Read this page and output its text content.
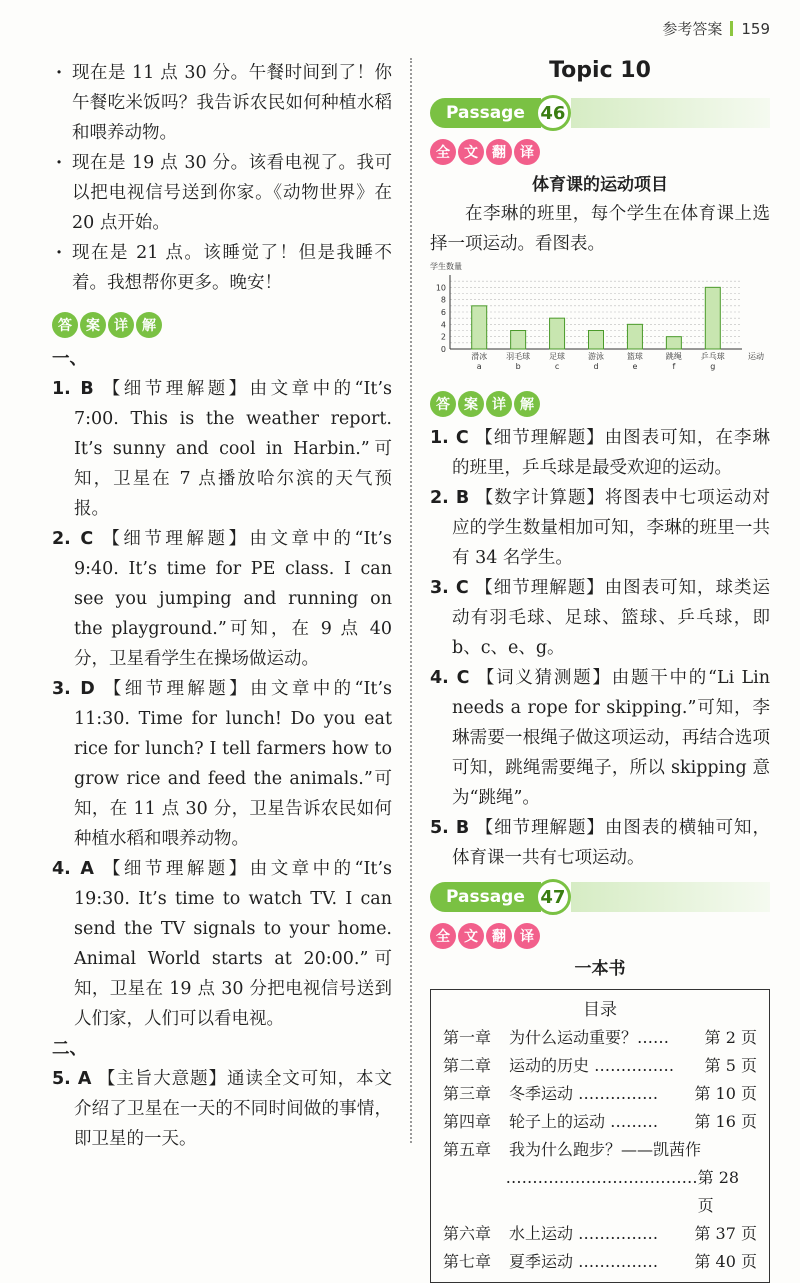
参考答案 159
· 现在是 11 点 30 分。午餐时间到了！你午餐吃米饭吗？我告诉农民如何种植水稻和喂养动物。
· 现在是 19 点 30 分。该看电视了。我可以把电视信号送到你家。《动物世界》在 20 点开始。
· 现在是 21 点。该睡觉了！但是我睡不着。我想帮你更多。晚安！
答	案	详	解
一、
1. B 【细节理解题】由文章中的“It’s 7:00. This is the weather report. It’s sunny and cool in Harbin.”可知，卫星在 7 点播放哈尔滨的天气预报。
2. C 【细节理解题】由文章中的“It’s 9:40. It’s time for PE class. I can see you jumping and running on the playground.”可知，在 9 点 40 分，卫星看学生在操场做运动。
3. D 【细节理解题】由文章中的“It’s 11:30. Time for lunch! Do you eat rice for lunch? I tell farmers how to grow rice and feed the animals.”可知，在 11 点 30 分，卫星告诉农民如何种植水稻和喂养动物。
4. A 【细节理解题】由文章中的“It’s 19:30. It’s time to watch TV. I can send the TV signals to your home. Animal World starts at 20:00.”可知，卫星在 19 点 30 分把电视信号送到人们家，人们可以看电视。
二、
5. A 【主旨大意题】通读全文可知，本文介绍了卫星在一天的不同时间做的事情，即卫星的一天。
Topic 10
Passage 46
全	文	翻	译
体育课的运动项目
在李琳的班里，每个学生在体育课上选择一项运动。看图表。
学生数量
0
2
4
6
8
10
滑冰
a
羽毛球
b
足球
c
游泳
d
篮球
e
跳绳
f
乒乓球
g
运动

答	案	详	解
1. C 【细节理解题】由图表可知，在李琳的班里，乒乓球是最受欢迎的运动。
2. B 【数字计算题】将图表中七项运动对应的学生数量相加可知，李琳的班里一共有 34 名学生。
3. C 【细节理解题】由图表可知，球类运动有羽毛球、足球、篮球、乒乓球，即 b、c、e、g。
4. C 【词义猜测题】由题干中的“Li Lin needs a rope for skipping.”可知，李琳需要一根绳子做这项运动，再结合选项可知，跳绳需要绳子，所以 skipping 意为“跳绳”。
5. B 【细节理解题】由图表的横轴可知，体育课一共有七项运动。
Passage 47
全	文	翻	译
一本书
目录
第一章	为什么运动重要？……	第 2 页
第二章	运动的历史 ……………	第 5 页
第三章	冬季运动 ……………	第 10 页
第四章	轮子上的运动 ………	第 16 页
第五章	我为什么跑步？——凯茜作
……………………………… 第 28 页
第六章	水上运动 ……………	第 37 页
第七章	夏季运动 ……………	第 40 页
